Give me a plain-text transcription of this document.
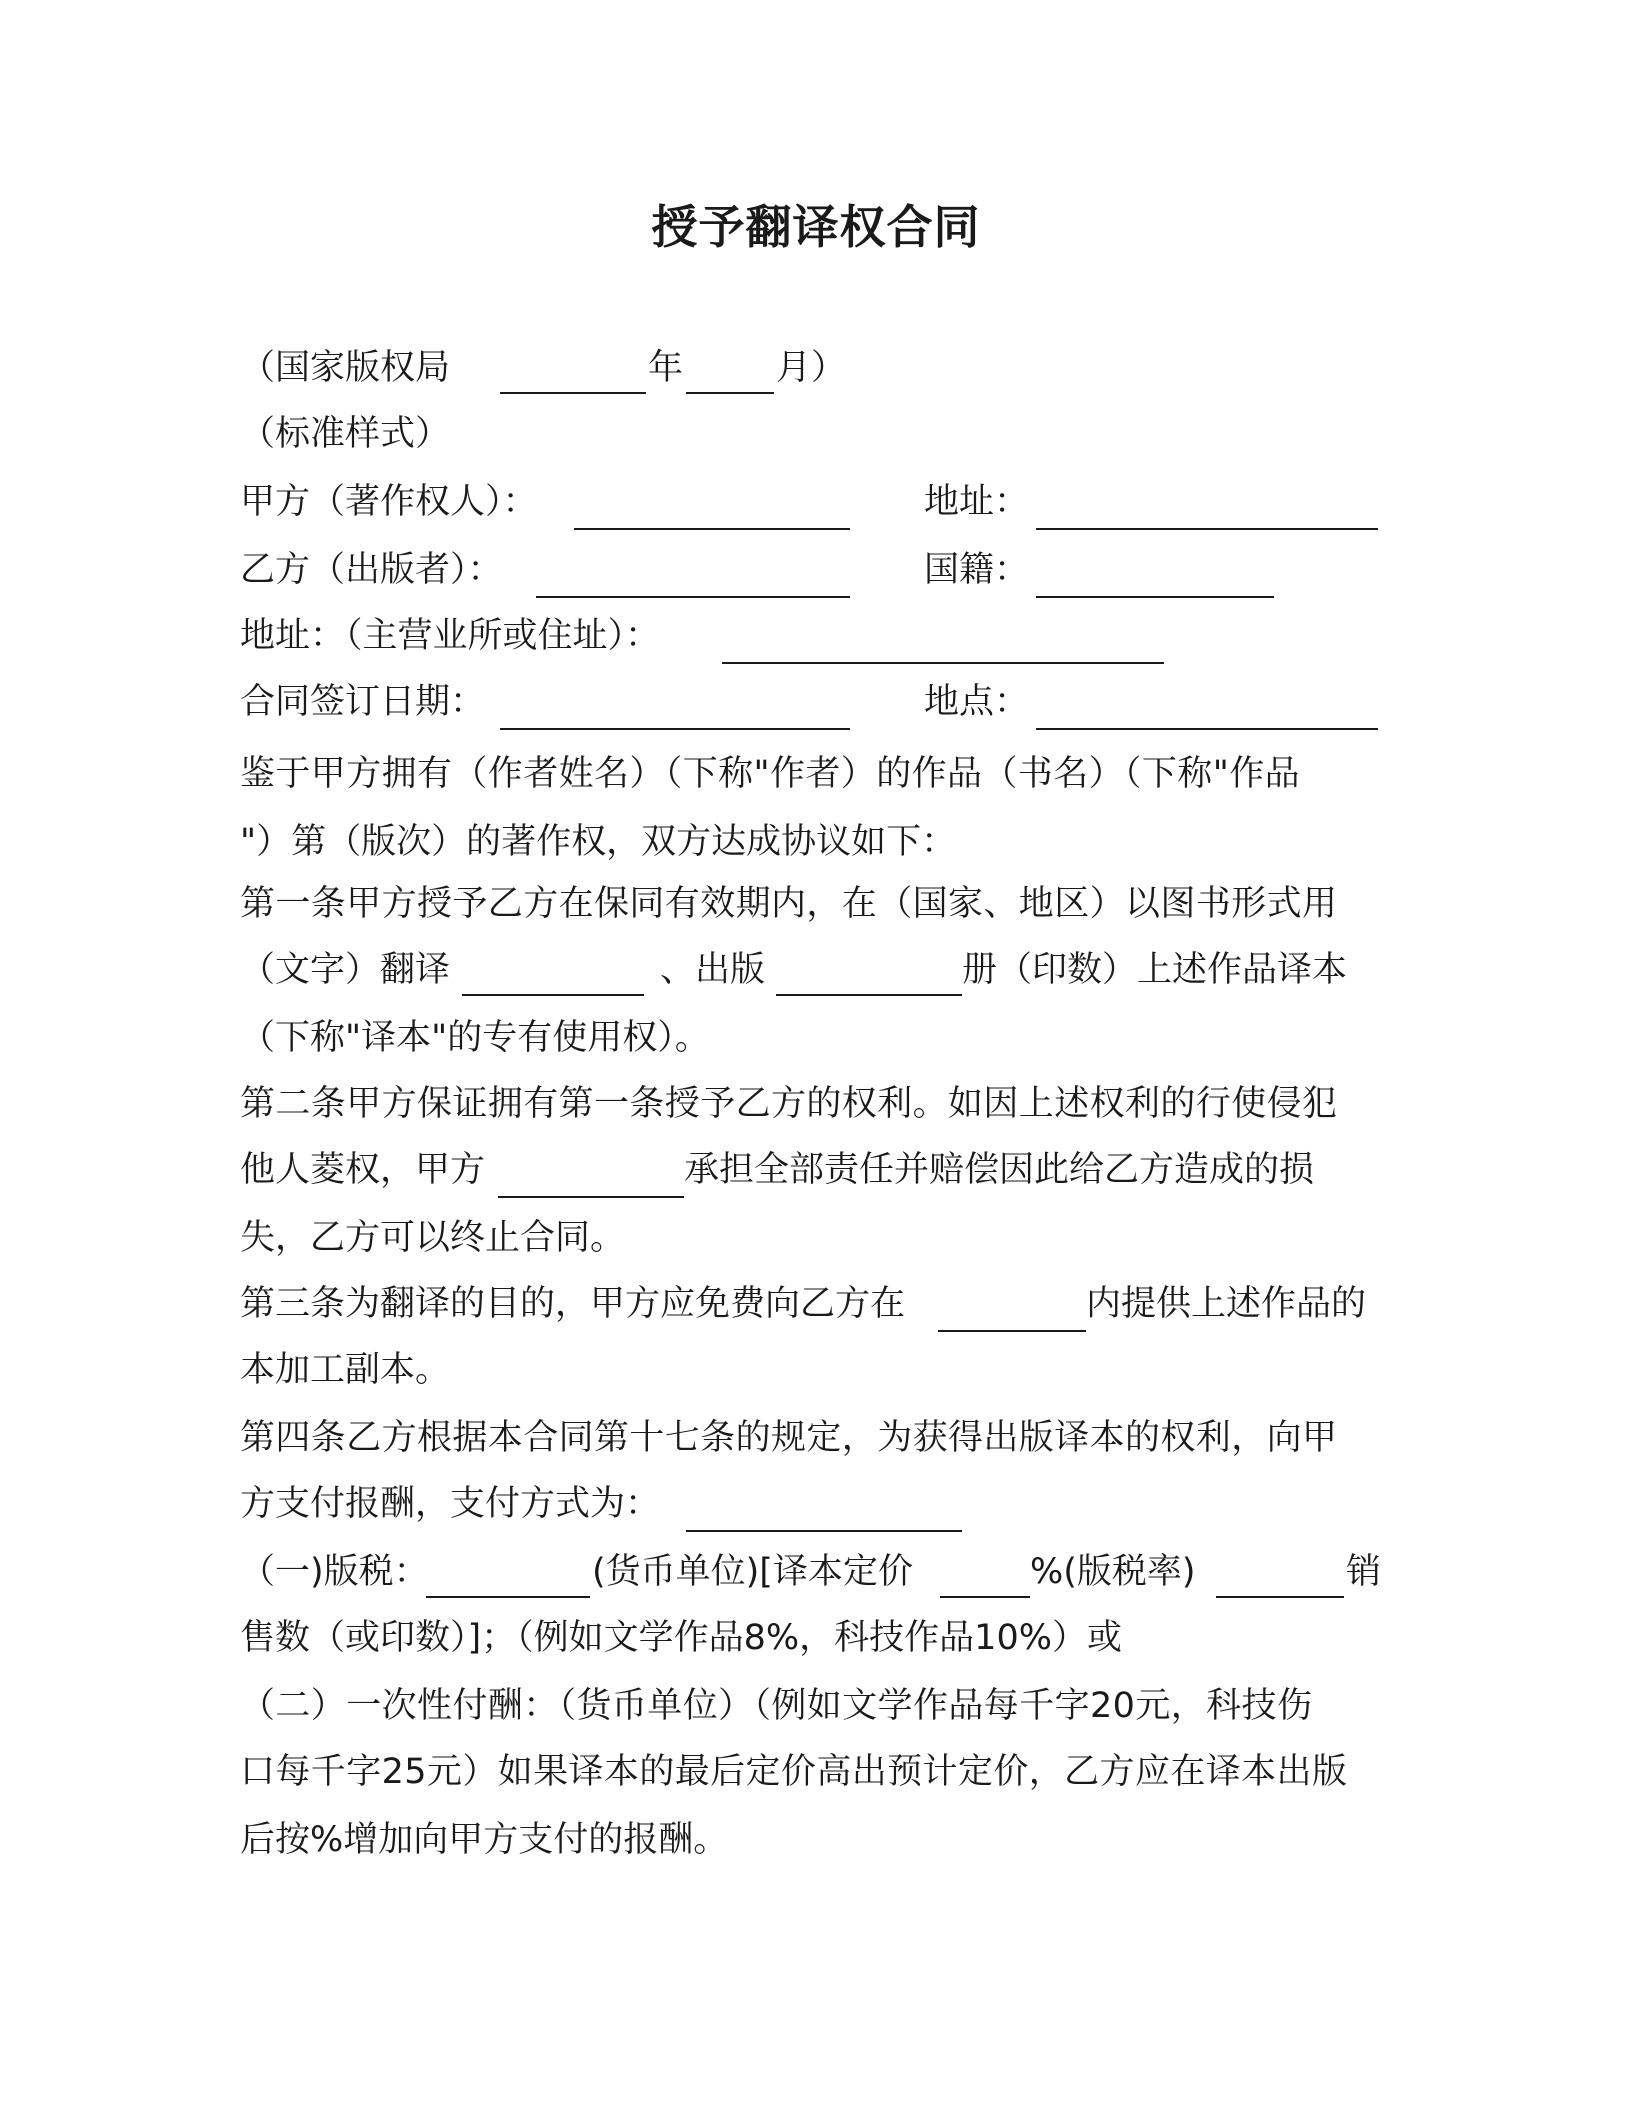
授予翻译权合同
（国家版权局	年	月）
（标准样式）
甲方（著作权人）：	地址：
乙方（出版者）：	国籍：
地址：（主营业所或住址）：
合同签订日期：	地点：
鉴于甲方拥有（作者姓名）（下称"作者）的作品（书名）（下称"作品
"）第（版次）的著作权，双方达成协议如下：
第一条甲方授予乙方在保同有效期内，在（国家、地区）以图书形式用
（文字）翻译	、出版	册（印数）上述作品译本
（下称"译本"的专有使用权）。
第二条甲方保证拥有第一条授予乙方的权利。如因上述权利的行使侵犯
他人菱权，甲方	承担全部责任并赔偿因此给乙方造成的损
失，乙方可以终止合同。
第三条为翻译的目的，甲方应免费向乙方在	内提供上述作品的
本加工副本。
第四条乙方根据本合同第十七条的规定，为获得出版译本的权利，向甲
方支付报酬，支付方式为：
（一)版税：	(货币单位)[译本定价	%(版税率)	销
售数（或印数）]；（例如文学作品8%，科技作品10%）或
（二）一次性付酬：（货币单位）（例如文学作品每千字20元，科技伤
口每千字25元）如果译本的最后定价高出预计定价，乙方应在译本出版
后按%增加向甲方支付的报酬。
